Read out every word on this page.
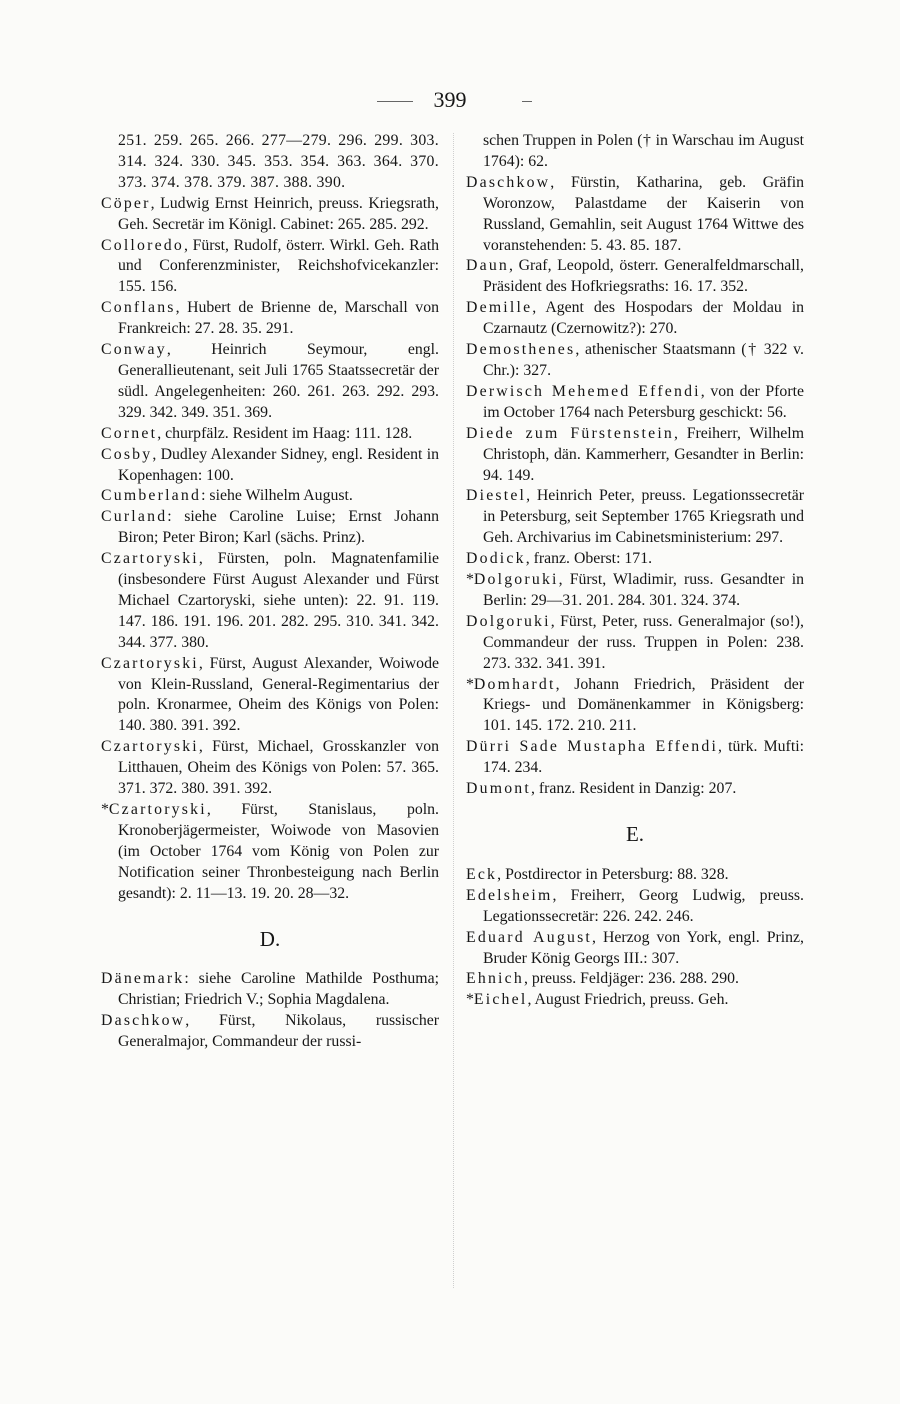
399

251. 259. 265. 266. 277—279. 296. 299. 303. 314. 324. 330. 345. 353. 354. 363. 364. 370. 373. 374. 378. 379. 387. 388. 390.

Cöper, Ludwig Ernst Heinrich, preuss. Kriegsrath, Geh. Secretär im Königl. Cabinet: 265. 285. 292.

Colloredo, Fürst, Rudolf, österr. Wirkl. Geh. Rath und Conferenzminister, Reichshofvicekanzler: 155. 156.

Conflans, Hubert de Brienne de, Marschall von Frankreich: 27. 28. 35. 291.

Conway, Heinrich Seymour, engl. Generallieutenant, seit Juli 1765 Staatssecretär der südl. Angelegenheiten: 260. 261. 263. 292. 293. 329. 342. 349. 351. 369.

Cornet, churpfälz. Resident im Haag: 111. 128.

Cosby, Dudley Alexander Sidney, engl. Resident in Kopenhagen: 100.

Cumberland: siehe Wilhelm August.

Curland: siehe Caroline Luise; Ernst Johann Biron; Peter Biron; Karl (sächs. Prinz).

Czartoryski, Fürsten, poln. Magnatenfamilie (insbesondere Fürst August Alexander und Fürst Michael Czartoryski, siehe unten): 22. 91. 119. 147. 186. 191. 196. 201. 282. 295. 310. 341. 342. 344. 377. 380.

Czartoryski, Fürst, August Alexander, Woiwode von Klein-Russland, General-Regimentarius der poln. Kronarmee, Oheim des Königs von Polen: 140. 380. 391. 392.

Czartoryski, Fürst, Michael, Grosskanzler von Litthauen, Oheim des Königs von Polen: 57. 365. 371. 372. 380. 391. 392.

*Czartoryski, Fürst, Stanislaus, poln. Kronoberjägermeister, Woiwode von Masovien (im October 1764 vom König von Polen zur Notification seiner Thronbesteigung nach Berlin gesandt): 2. 11—13. 19. 20. 28—32.

D.

Dänemark: siehe Caroline Mathilde Posthuma; Christian; Friedrich V.; Sophia Magdalena.

Daschkow, Fürst, Nikolaus, russischer Generalmajor, Commandeur der russi-

schen Truppen in Polen († in Warschau im August 1764): 62.

Daschkow, Fürstin, Katharina, geb. Gräfin Woronzow, Palastdame der Kaiserin von Russland, Gemahlin, seit August 1764 Wittwe des voranstehenden: 5. 43. 85. 187.

Daun, Graf, Leopold, österr. Generalfeldmarschall, Präsident des Hofkriegsraths: 16. 17. 352.

Demille, Agent des Hospodars der Moldau in Czarnautz (Czernowitz?): 270.

Demosthenes, athenischer Staatsmann († 322 v. Chr.): 327.

Derwisch Mehemed Effendi, von der Pforte im October 1764 nach Petersburg geschickt: 56.

Diede zum Fürstenstein, Freiherr, Wilhelm Christoph, dän. Kammerherr, Gesandter in Berlin: 94. 149.

Diestel, Heinrich Peter, preuss. Legationssecretär in Petersburg, seit September 1765 Kriegsrath und Geh. Archivarius im Cabinetsministerium: 297.

Dodick, franz. Oberst: 171.

*Dolgoruki, Fürst, Wladimir, russ. Gesandter in Berlin: 29—31. 201. 284. 301. 324. 374.

Dolgoruki, Fürst, Peter, russ. Generalmajor (so!), Commandeur der russ. Truppen in Polen: 238. 273. 332. 341. 391.

*Domhardt, Johann Friedrich, Präsident der Kriegs- und Domänenkammer in Königsberg: 101. 145. 172. 210. 211.

Dürri Sade Mustapha Effendi, türk. Mufti: 174. 234.

Dumont, franz. Resident in Danzig: 207.

E.

Eck, Postdirector in Petersburg: 88. 328.

Edelsheim, Freiherr, Georg Ludwig, preuss. Legationssecretär: 226. 242. 246.

Eduard August, Herzog von York, engl. Prinz, Bruder König Georgs III.: 307.

Ehnich, preuss. Feldjäger: 236. 288. 290.

*Eichel, August Friedrich, preuss. Geh.
